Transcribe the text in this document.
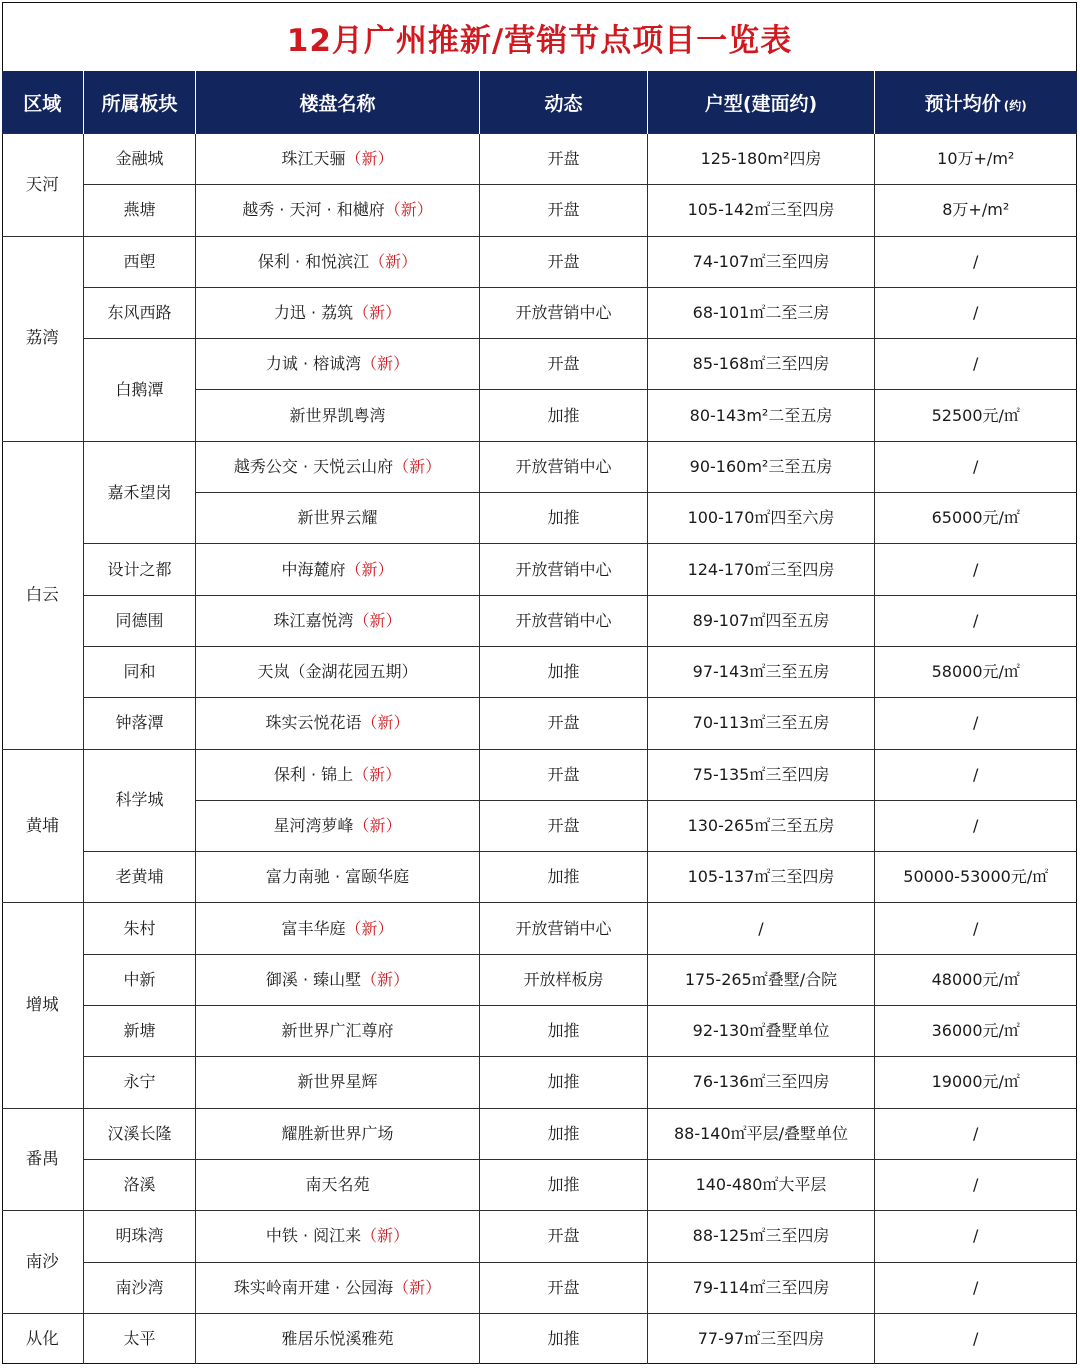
12月广州推新/营销节点项目一览表
区域	所属板块	楼盘名称	动态	户型(建面约)	预计均价 (约)
天河	金融城	珠江天骊（新）	开盘	125-180m²四房	10万+/m²
	燕塘	越秀 · 天河 · 和樾府（新）	开盘	105-142㎡三至四房	8万+/m²
荔湾	西塱	保利 · 和悦滨江（新）	开盘	74-107㎡三至四房	/
	东风西路	力迅 · 荔筑（新）	开放营销中心	68-101㎡二至三房	/
	白鹅潭	力诚 · 榕诚湾（新）	开盘	85-168㎡三至四房	/
		新世界凯粤湾	加推	80-143m²二至五房	52500元/㎡
白云	嘉禾望岗	越秀公交 · 天悦云山府（新）	开放营销中心	90-160m²三至五房	/
		新世界云耀	加推	100-170㎡四至六房	65000元/㎡
	设计之都	中海麓府（新）	开放营销中心	124-170㎡三至四房	/
	同德围	珠江嘉悦湾（新）	开放营销中心	89-107㎡四至五房	/
	同和	天岚（金湖花园五期）	加推	97-143㎡三至五房	58000元/㎡
	钟落潭	珠实云悦花语（新）	开盘	70-113㎡三至五房	/
黄埔	科学城	保利 · 锦上（新）	开盘	75-135㎡三至四房	/
		星河湾萝峰（新）	开盘	130-265㎡三至五房	/
	老黄埔	富力南驰 · 富颐华庭	加推	105-137㎡三至四房	50000-53000元/㎡
增城	朱村	富丰华庭（新）	开放营销中心	/	/
	中新	御溪 · 臻山墅（新）	开放样板房	175-265㎡叠墅/合院	48000元/㎡
	新塘	新世界广汇尊府	加推	92-130㎡叠墅单位	36000元/㎡
	永宁	新世界星辉	加推	76-136㎡三至四房	19000元/㎡
番禺	汉溪长隆	耀胜新世界广场	加推	88-140㎡平层/叠墅单位	/
	洛溪	南天名苑	加推	140-480㎡大平层	/
南沙	明珠湾	中铁 · 阅江来（新）	开盘	88-125㎡三至四房	/
	南沙湾	珠实岭南开建 · 公园海（新）	开盘	79-114㎡三至四房	/
从化	太平	雅居乐悦溪雅苑	加推	77-97㎡三至四房	/
